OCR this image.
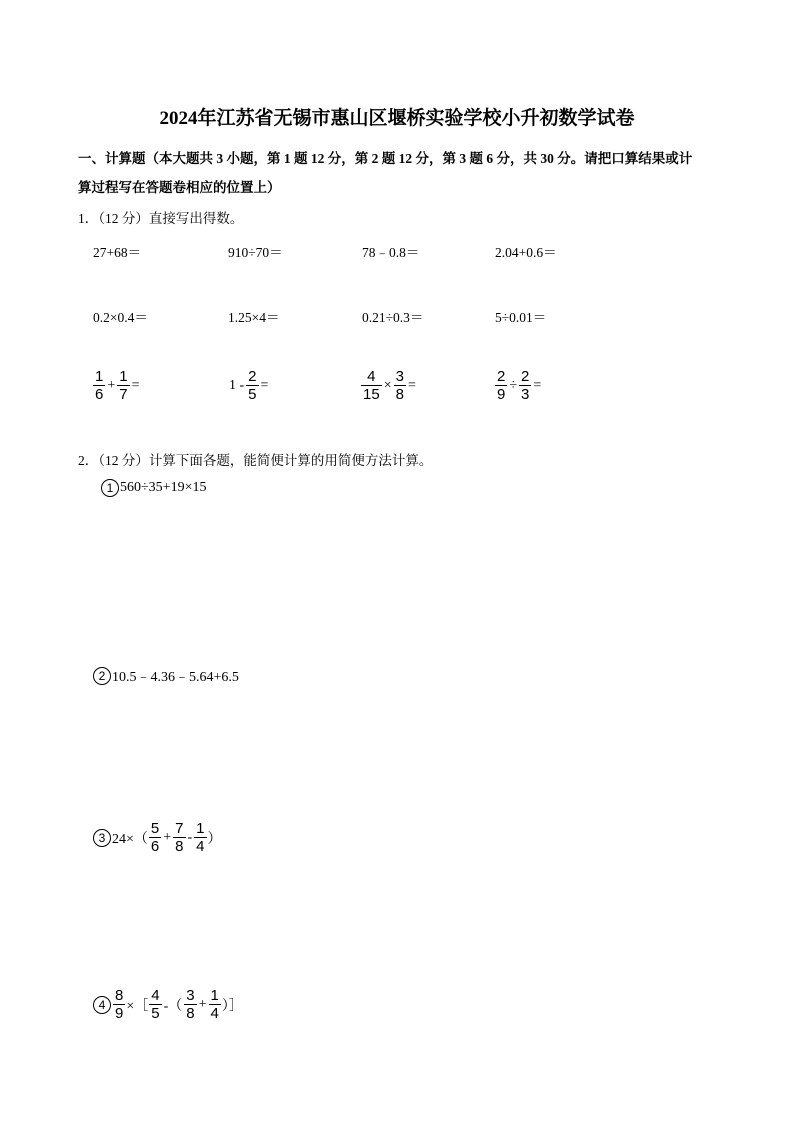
2024年江苏省无锡市惠山区堰桥实验学校小升初数学试卷
一、计算题（本大题共 3 小题，第 1 题 12 分，第 2 题 12 分，第 3 题 6 分，共 30 分。请把口算结果或计
算过程写在答题卷相应的位置上）
1．（12 分）直接写出得数。
27+68＝	910÷70＝	78﹣0.8＝	2.04+0.6＝
0.2×0.4＝	1.25×4＝	0.21÷0.3＝	5÷0.01＝
$\frac{1}{6} + \frac{1}{7}$ =	$1 - \frac{2}{5}$ =	$\frac{4}{15} \times \frac{3}{8}$ =	$\frac{2}{9} \div \frac{2}{3}$ =
2．（12 分）计算下面各题，能简便计算的用简便方法计算。
1 560÷35+19×15
2 10.5﹣4.36﹣5.64+6.5
3 $24\times( \frac{5}{6} + \frac{7}{8} - \frac{1}{4}$ ）
$4 \frac{8}{9}$ ×［ $\frac{4}{5}$ -（ $\frac{3}{8} + \frac{1}{4}$ ）］
